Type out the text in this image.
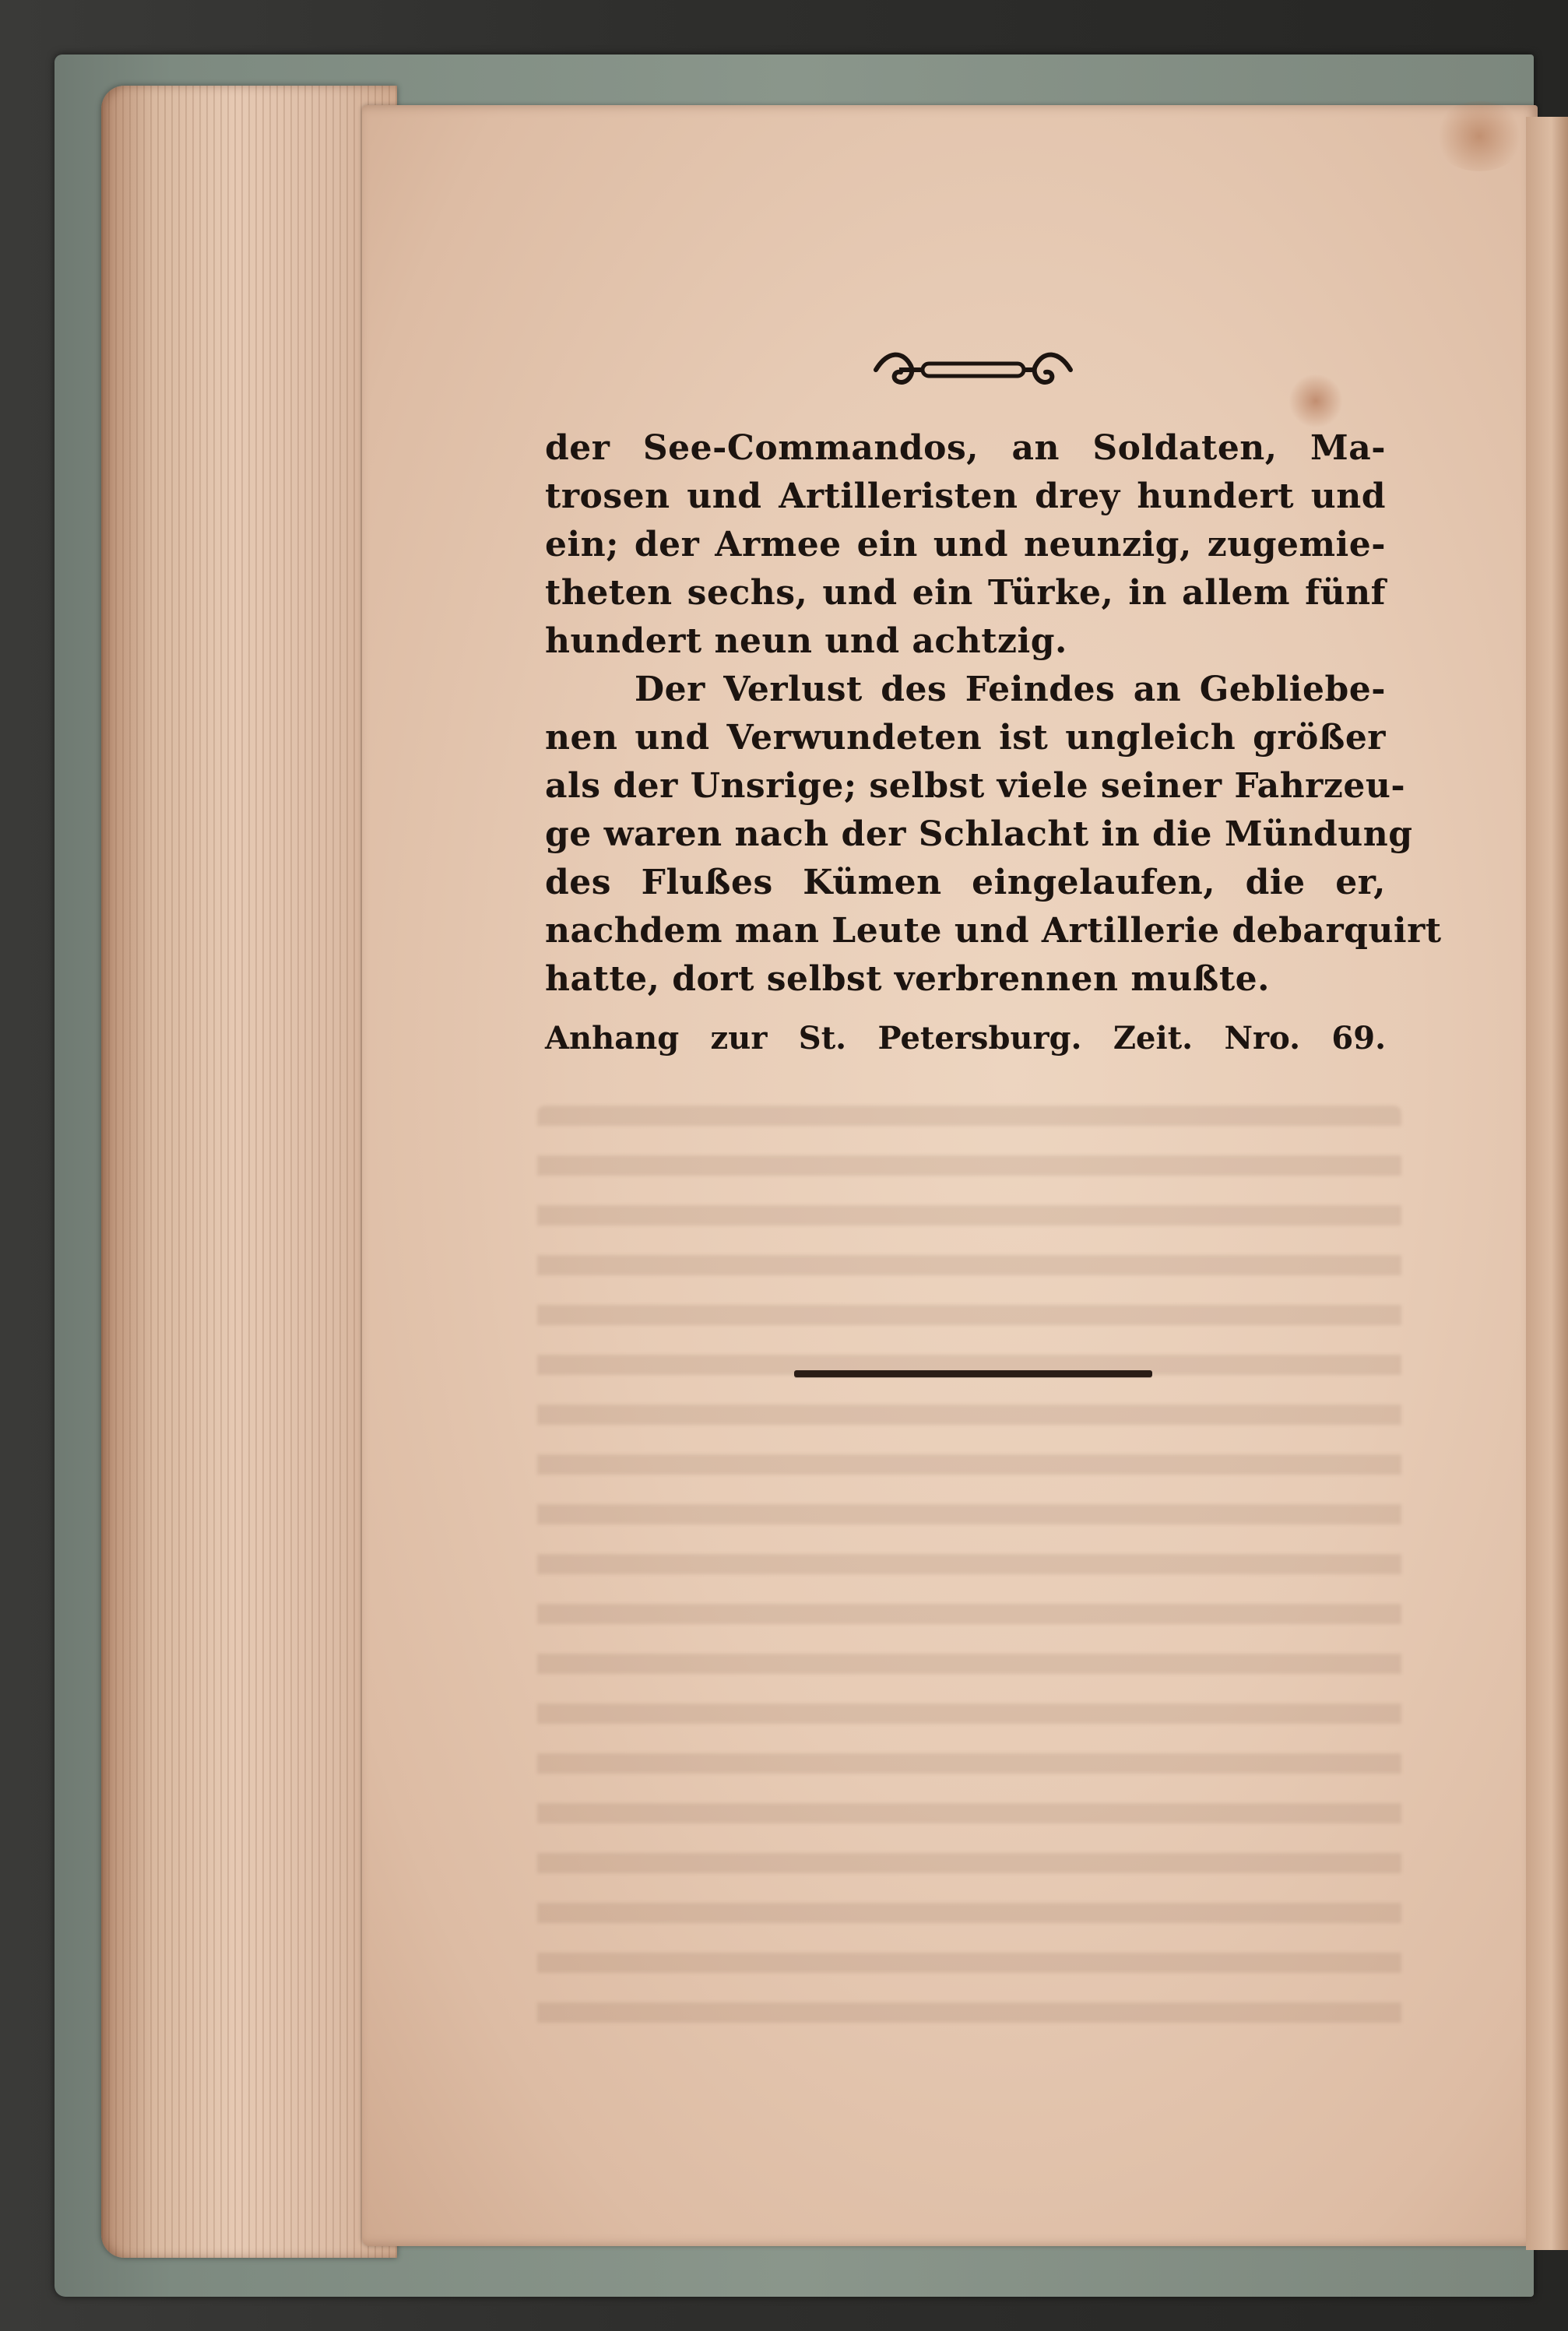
der See-Commandos, an Soldaten, Ma-
trosen und Artilleristen drey hundert und
ein; der Armee ein und neunzig, zugemie-
theten sechs, und ein Türke, in allem fünf
hundert neun und achtzig.
Der Verlust des Feindes an Gebliebe-
nen und Verwundeten ist ungleich größer
als der Unsrige; selbst viele seiner Fahrzeu-
ge waren nach der Schlacht in die Mündung
des Flußes Kümen eingelaufen, die er,
nachdem man Leute und Artillerie debarquirt
hatte, dort selbst verbrennen mußte.
Anhang zur St. Petersburg. Zeit. Nro. 69.
